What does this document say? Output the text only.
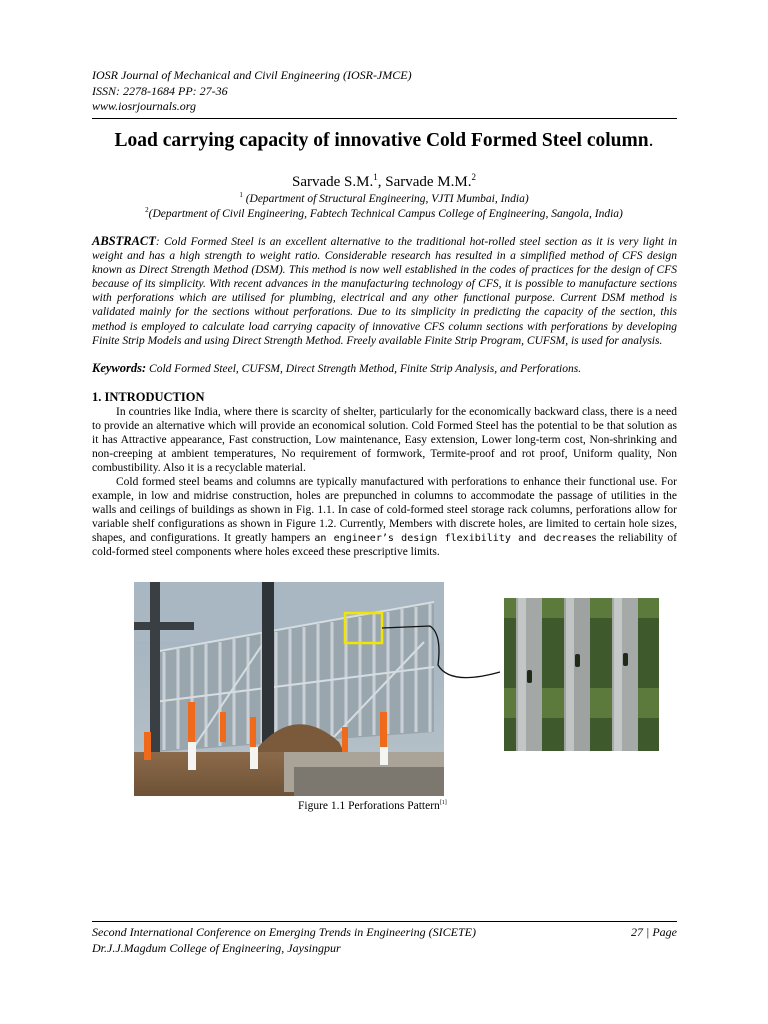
IOSR Journal of Mechanical and Civil Engineering (IOSR-JMCE)
ISSN: 2278-1684 PP: 27-36
www.iosrjournals.org
Load carrying capacity of innovative Cold Formed Steel column.
Sarvade S.M.$^1$, Sarvade M.M.$^2$
$^1$ (Department of Structural Engineering, VJTI Mumbai, India)
$^2$(Department of Civil Engineering, Fabtech Technical Campus College of Engineering, Sangola, India)
ABSTRACT: Cold Formed Steel is an excellent alternative to the traditional hot-rolled steel section as it is very light in weight and has a high strength to weight ratio. Considerable research has resulted in a simplified method of CFS design known as Direct Strength Method (DSM). This method is now well established in the codes of practices for the design of CFS because of its simplicity. With recent advances in the manufacturing technology of CFS, it is possible to manufacture sections with perforations which are utilised for plumbing, electrical and any other functional purpose. Current DSM method is validated mainly for the sections without perforations. Due to its simplicity in predicting the capacity of the section, this method is employed to calculate load carrying capacity of innovative CFS column sections with perforations by developing Finite Strip Models and using Direct Strength Method. Freely available Finite Strip Program, CUFSM, is used for analysis.
Keywords: Cold Formed Steel, CUFSM, Direct Strength Method, Finite Strip Analysis, and Perforations.
1. INTRODUCTION
In countries like India, where there is scarcity of shelter, particularly for the economically backward class, there is a need to provide an alternative which will provide an economical solution. Cold Formed Steel has the potential to be that solution as it has Attractive appearance, Fast construction, Low maintenance, Easy extension, Lower long-term cost, Non-shrinking and non-creeping at ambient temperatures, No requirement of formwork, Termite-proof and rot proof, Uniform quality, Non combustibility. Also it is a recyclable material.
Cold formed steel beams and columns are typically manufactured with perforations to enhance their functional use. For example, in low and midrise construction, holes are prepunched in columns to accommodate the passage of utilities in the walls and ceilings of buildings as shown in Fig. 1.1. In case of cold-formed steel storage rack columns, perforations allow for variable shelf configurations as shown in Figure 1.2. Currently, Members with discrete holes, are limited to certain hole sizes, shapes, and configurations. It greatly hampers an engineer’s design flexibility and decreases the reliability of cold-formed steel components where holes exceed these prescriptive limits.
Figure 1.1 Perforations Pattern[1]
Second International Conference on Emerging Trends in Engineering (SICETE)	27 | Page
Dr.J.J.Magdum College of Engineering, Jaysingpur
